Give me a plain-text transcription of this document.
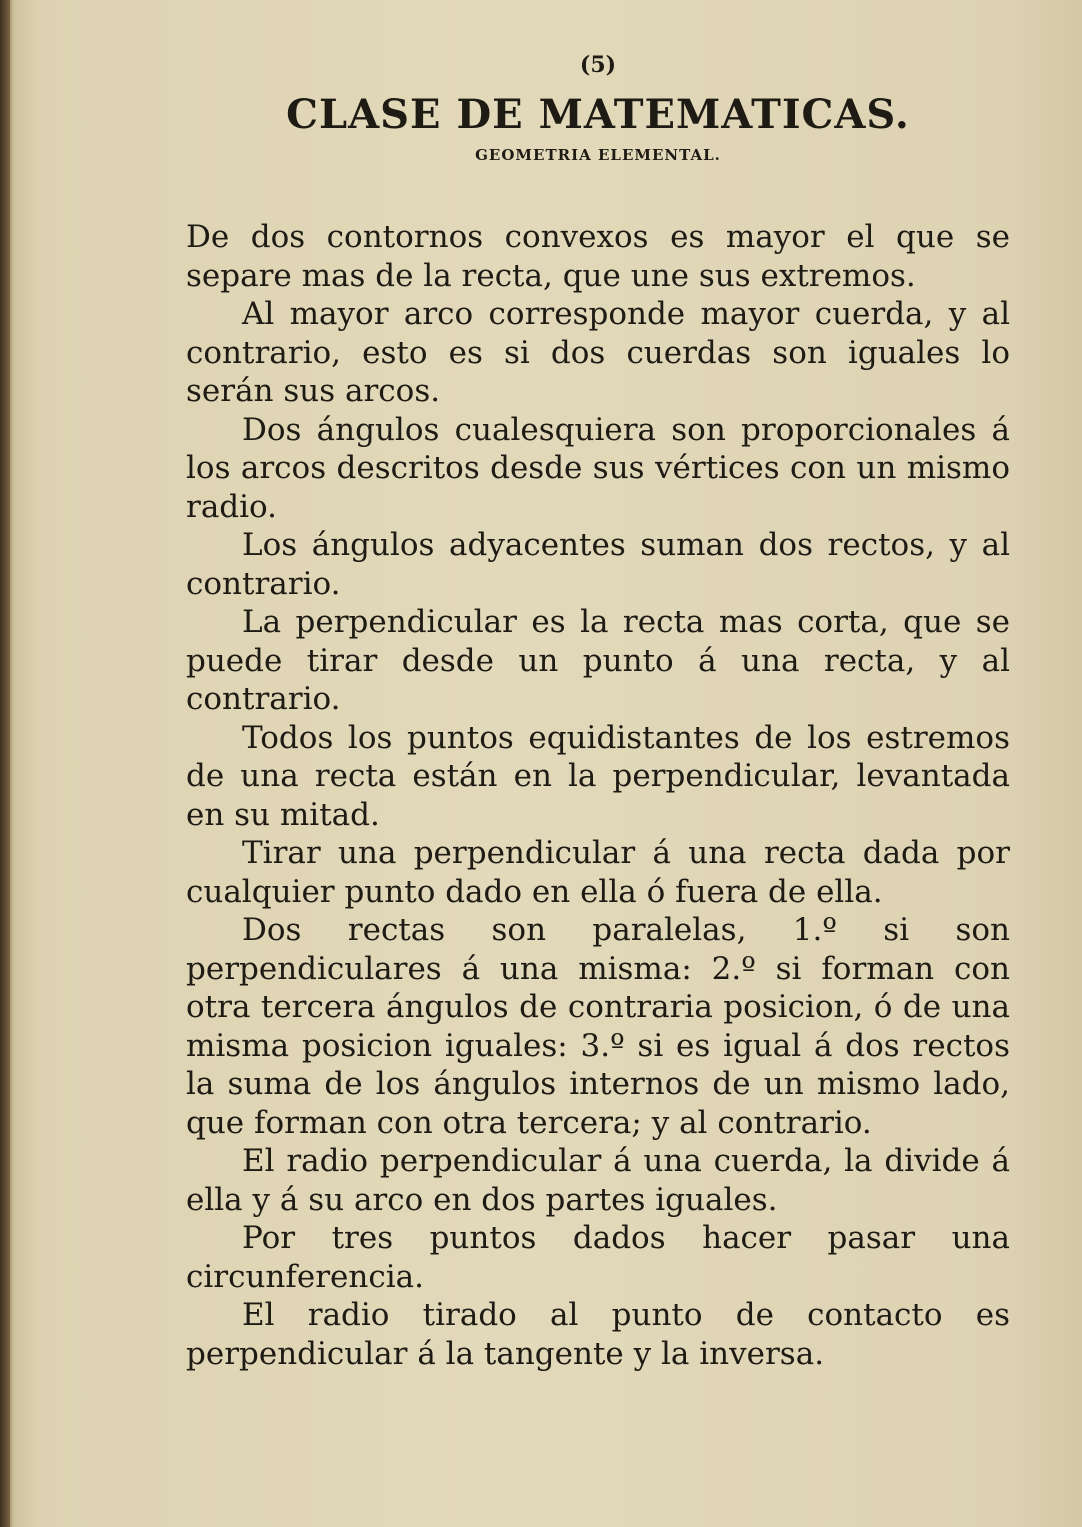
(5)
CLASE DE MATEMATICAS.
GEOMETRIA ELEMENTAL.

De dos contornos convexos es mayor el que se separe mas de la recta, que une sus extremos.

Al mayor arco corresponde mayor cuerda, y al contrario, esto es si dos cuerdas son iguales lo serán sus arcos.

Dos ángulos cualesquiera son proporcionales á los arcos descritos desde sus vértices con un mismo radio.

Los ángulos adyacentes suman dos rectos, y al contrario.

La perpendicular es la recta mas corta, que se puede tirar desde un punto á una recta, y al contrario.

Todos los puntos equidistantes de los estremos de una recta están en la perpendicular, levantada en su mitad.

Tirar una perpendicular á una recta dada por cualquier punto dado en ella ó fuera de ella.

Dos rectas son paralelas, 1.º si son perpendiculares á una misma: 2.º si forman con otra tercera ángulos de contraria posicion, ó de una misma posicion iguales: 3.º si es igual á dos rectos la suma de los ángulos internos de un mismo lado, que forman con otra tercera; y al contrario.

El radio perpendicular á una cuerda, la divide á ella y á su arco en dos partes iguales.

Por tres puntos dados hacer pasar una circunferencia.

El radio tirado al punto de contacto es perpendicular á la tangente y la inversa.
